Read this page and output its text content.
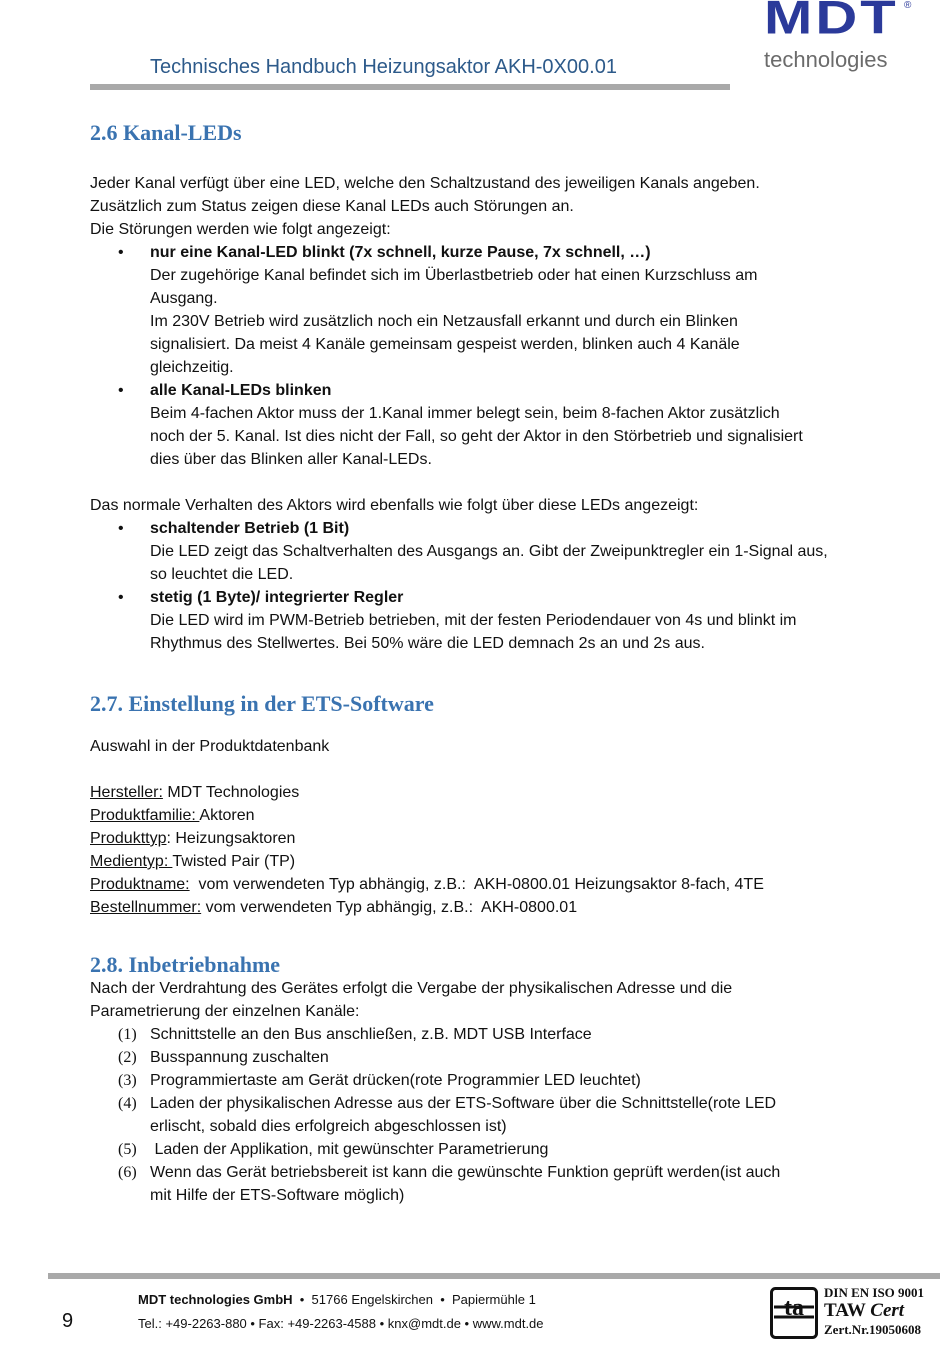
Technisches Handbuch Heizungsaktor AKH-0X00.01
MDT ®
technologies
2.6 Kanal-LEDs

Jeder Kanal verfügt über eine LED, welche den Schaltzustand des jeweiligen Kanals angeben.

Zusätzlich zum Status zeigen diese Kanal LEDs auch Störungen an.

Die Störungen werden wie folgt angezeigt:

• nur eine Kanal-LED blinkt (7x schnell, kurze Pause, 7x schnell, …)

Der zugehörige Kanal befindet sich im Überlastbetrieb oder hat einen Kurzschluss am

Ausgang.

Im 230V Betrieb wird zusätzlich noch ein Netzausfall erkannt und durch ein Blinken

signalisiert. Da meist 4 Kanäle gemeinsam gespeist werden, blinken auch 4 Kanäle

gleichzeitig.

• alle Kanal-LEDs blinken

Beim 4-fachen Aktor muss der 1.Kanal immer belegt sein, beim 8-fachen Aktor zusätzlich

noch der 5. Kanal. Ist dies nicht der Fall, so geht der Aktor in den Störbetrieb und signalisiert

dies über das Blinken aller Kanal-LEDs.

Das normale Verhalten des Aktors wird ebenfalls wie folgt über diese LEDs angezeigt:

• schaltender Betrieb (1 Bit)

Die LED zeigt das Schaltverhalten des Ausgangs an. Gibt der Zweipunktregler ein 1-Signal aus,

so leuchtet die LED.

• stetig (1 Byte)/ integrierter Regler

Die LED wird im PWM-Betrieb betrieben, mit der festen Periodendauer von 4s und blinkt im

Rhythmus des Stellwertes. Bei 50% wäre die LED demnach 2s an und 2s aus.

2.7. Einstellung in der ETS-Software

Auswahl in der Produktdatenbank

Hersteller: MDT Technologies

Produktfamilie: Aktoren

Produkttyp: Heizungsaktoren

Medientyp: Twisted Pair (TP)

Produktname:  vom verwendeten Typ abhängig, z.B.:  AKH-0800.01 Heizungsaktor 8-fach, 4TE

Bestellnummer: vom verwendeten Typ abhängig, z.B.:  AKH-0800.01

2.8. Inbetriebnahme

Nach der Verdrahtung des Gerätes erfolgt die Vergabe der physikalischen Adresse und die

Parametrierung der einzelnen Kanäle:

(1) Schnittstelle an den Bus anschließen, z.B. MDT USB Interface

(2) Busspannung zuschalten

(3) Programmiertaste am Gerät drücken(rote Programmier LED leuchtet)

(4) Laden der physikalischen Adresse aus der ETS-Software über die Schnittstelle(rote LED

erlischt, sobald dies erfolgreich abgeschlossen ist)

(5) Laden der Applikation, mit gewünschter Parametrierung

(6) Wenn das Gerät betriebsbereit ist kann die gewünschte Funktion geprüft werden(ist auch

mit Hilfe der ETS-Software möglich)

9
MDT technologies GmbH  •  51766 Engelskirchen  •  Papiermühle 1
Tel.: +49-2263-880 • Fax: +49-2263-4588 • knx@mdt.de • www.mdt.de
ta
DIN EN ISO 9001
TAW Cert
Zert.Nr.19050608
